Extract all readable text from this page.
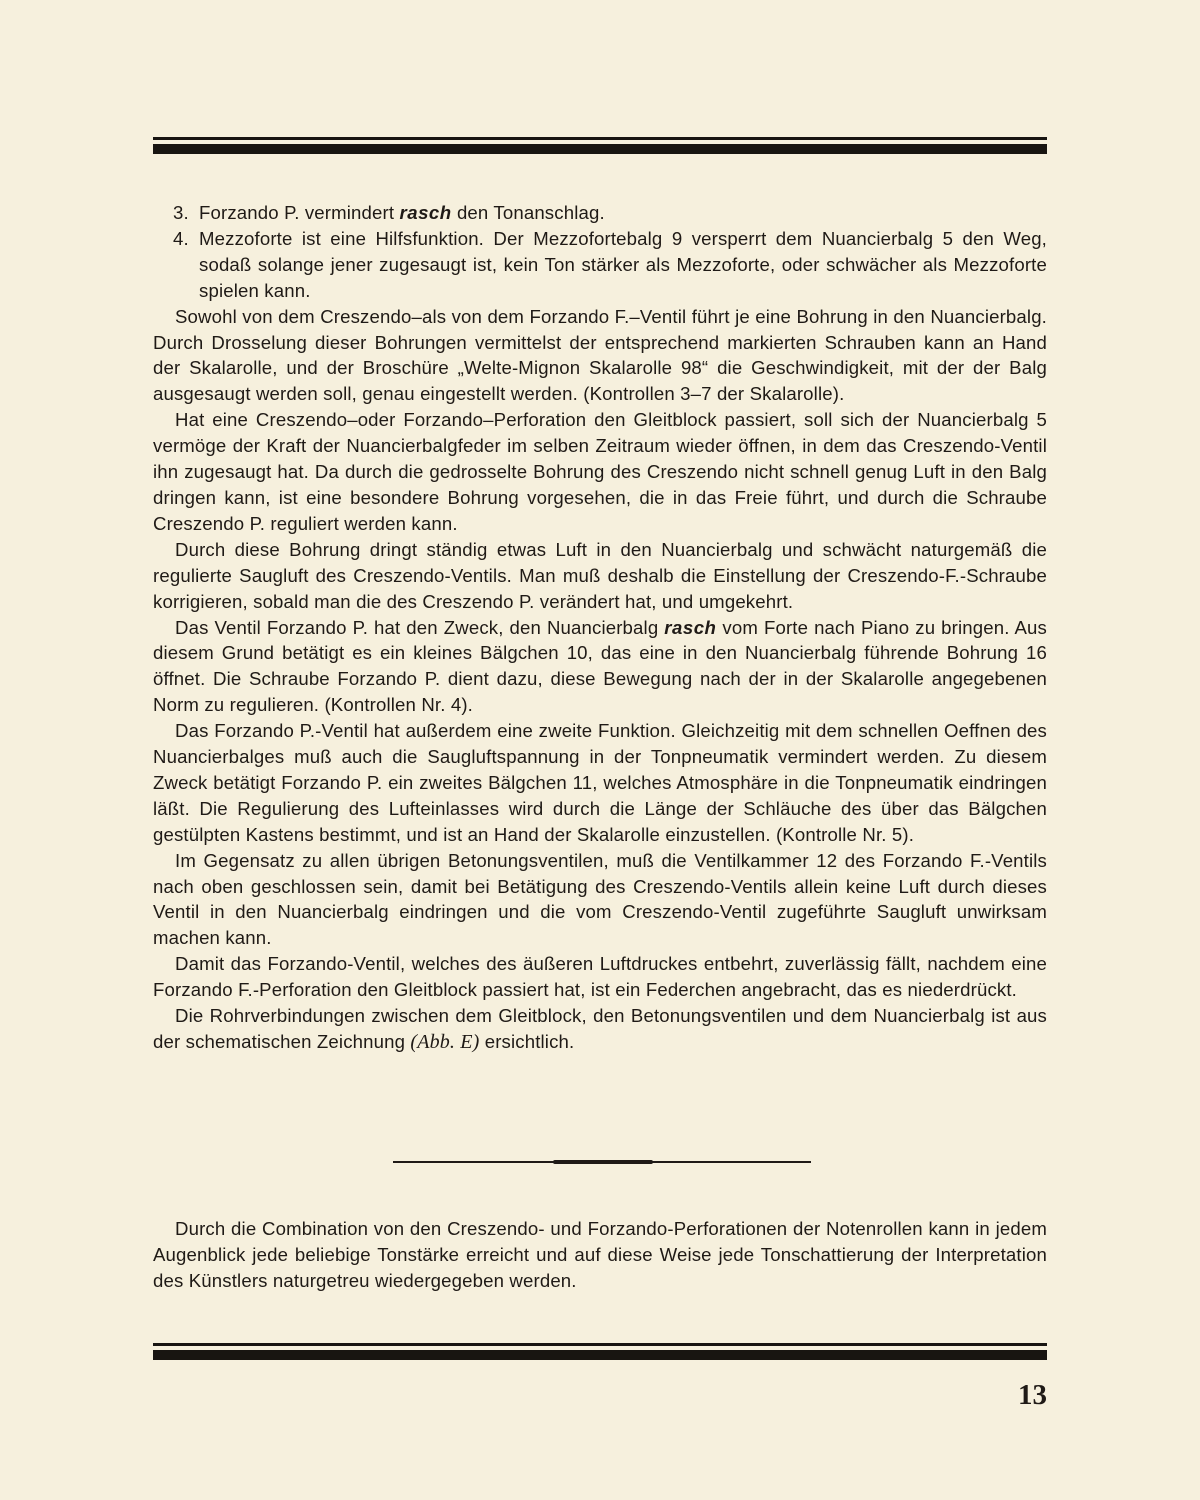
3. Forzando P. vermindert rasch den Tonanschlag.

4. Mezzoforte ist eine Hilfsfunktion. Der Mezzofortebalg 9 versperrt dem Nuancierbalg 5 den Weg, sodaß solange jener zugesaugt ist, kein Ton stärker als Mezzoforte, oder schwächer als Mezzoforte spielen kann.

Sowohl von dem Creszendo–als von dem Forzando F.–Ventil führt je eine Bohrung in den Nuancierbalg. Durch Drosselung dieser Bohrungen vermittelst der entsprechend markierten Schrauben kann an Hand der Skalarolle, und der Broschüre „Welte-Mignon Skalarolle 98“ die Geschwindigkeit, mit der der Balg ausgesaugt werden soll, genau eingestellt werden. (Kontrollen 3–7 der Skalarolle).

Hat eine Creszendo–oder Forzando–Perforation den Gleitblock passiert, soll sich der Nuancierbalg 5 vermöge der Kraft der Nuancierbalgfeder im selben Zeitraum wieder öffnen, in dem das Creszendo-Ventil ihn zugesaugt hat. Da durch die gedrosselte Bohrung des Creszendo nicht schnell genug Luft in den Balg dringen kann, ist eine besondere Bohrung vorgesehen, die in das Freie führt, und durch die Schraube Creszendo P. reguliert werden kann.

Durch diese Bohrung dringt ständig etwas Luft in den Nuancierbalg und schwächt naturgemäß die regulierte Saugluft des Creszendo-Ventils. Man muß deshalb die Einstellung der Creszendo-F.-Schraube korrigieren, sobald man die des Creszendo P. verändert hat, und umgekehrt.

Das Ventil Forzando P. hat den Zweck, den Nuancierbalg rasch vom Forte nach Piano zu bringen. Aus diesem Grund betätigt es ein kleines Bälgchen 10, das eine in den Nuancierbalg führende Bohrung 16 öffnet. Die Schraube Forzando P. dient dazu, diese Bewegung nach der in der Skalarolle angegebenen Norm zu regulieren. (Kontrollen Nr. 4).

Das Forzando P.-Ventil hat außerdem eine zweite Funktion. Gleichzeitig mit dem schnellen Oeffnen des Nuancierbalges muß auch die Saugluftspannung in der Tonpneumatik vermindert werden. Zu diesem Zweck betätigt Forzando P. ein zweites Bälgchen 11, welches Atmosphäre in die Tonpneumatik eindringen läßt. Die Regulierung des Lufteinlasses wird durch die Länge der Schläuche des über das Bälgchen gestülpten Kastens bestimmt, und ist an Hand der Skalarolle einzustellen. (Kontrolle Nr. 5).

Im Gegensatz zu allen übrigen Betonungsventilen, muß die Ventilkammer 12 des Forzando F.-Ventils nach oben geschlossen sein, damit bei Betätigung des Creszendo-Ventils allein keine Luft durch dieses Ventil in den Nuancierbalg eindringen und die vom Creszendo-Ventil zugeführte Saugluft unwirksam machen kann.

Damit das Forzando-Ventil, welches des äußeren Luftdruckes entbehrt, zuverlässig fällt, nachdem eine Forzando F.-Perforation den Gleitblock passiert hat, ist ein Federchen angebracht, das es niederdrückt.

Die Rohrverbindungen zwischen dem Gleitblock, den Betonungsventilen und dem Nuancierbalg ist aus der schematischen Zeichnung (Abb. E) ersichtlich.

Durch die Combination von den Creszendo- und Forzando-Perforationen der Notenrollen kann in jedem Augenblick jede beliebige Tonstärke erreicht und auf diese Weise jede Tonschattierung der Interpretation des Künstlers naturgetreu wiedergegeben werden.

13
